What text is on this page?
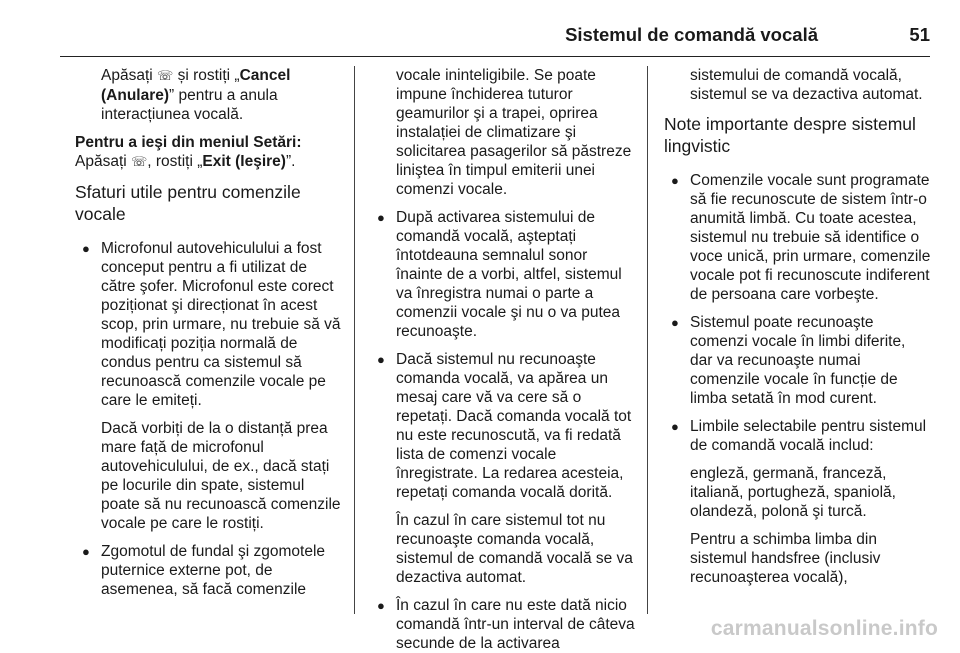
Sistemul de comandă vocală	51

Apăsați ☏ și rostiți „Cancel (Anulare)” pentru a anula interacțiunea vocală.

Pentru a ieşi din meniul Setări:

Apăsați ☏, rostiți „Exit (Ieşire)”.

Sfaturi utile pentru comenzile vocale
● Microfonul autovehiculului a fost conceput pentru a fi utilizat de către şofer. Microfonul este corect poziționat şi direcționat în acest scop, prin urmare, nu trebuie să vă modificați poziția normală de condus pentru ca sistemul să recunoască comenzile vocale pe care le emiteți.

Dacă vorbiți de la o distanță prea mare față de microfonul autovehiculului, de ex., dacă stați pe locurile din spate, sistemul poate să nu recunoască comenzile vocale pe care le rostiți.

● Zgomotul de fundal şi zgomotele puternice externe pot, de asemenea, să facă comenzile

vocale ininteligibile. Se poate impune închiderea tuturor geamurilor şi a trapei, oprirea instalației de climatizare şi solicitarea pasagerilor să păstreze liniştea în timpul emiterii unei comenzi vocale.

● După activarea sistemului de comandă vocală, aşteptați întotdeauna semnalul sonor înainte de a vorbi, altfel, sistemul va înregistra numai o parte a comenzii vocale şi nu o va putea recunoaşte.
● Dacă sistemul nu recunoaşte comanda vocală, va apărea un mesaj care vă va cere să o repetați. Dacă comanda vocală tot nu este recunoscută, va fi redată lista de comenzi vocale înregistrate. La redarea acesteia, repetați comanda vocală dorită.

În cazul în care sistemul tot nu recunoaşte comanda vocală, sistemul de comandă vocală se va dezactiva automat.

● În cazul în care nu este dată nicio comandă într-un interval de câteva secunde de la activarea

sistemului de comandă vocală, sistemul se va dezactiva automat.

Note importante despre sistemul lingvistic
● Comenzile vocale sunt programate să fie recunoscute de sistem într-o anumită limbă. Cu toate acestea, sistemul nu trebuie să identifice o voce unică, prin urmare, comenzile vocale pot fi recunoscute indiferent de persoana care vorbeşte.
● Sistemul poate recunoaşte comenzi vocale în limbi diferite, dar va recunoaşte numai comenzile vocale în funcție de limba setată în mod curent.
● Limbile selectabile pentru sistemul de comandă vocală includ:

engleză, germană, franceză, italiană, portugheză, spaniolă, olandeză, polonă şi turcă.

Pentru a schimba limba din sistemul handsfree (inclusiv recunoaşterea vocală),

carmanualsonline.info
